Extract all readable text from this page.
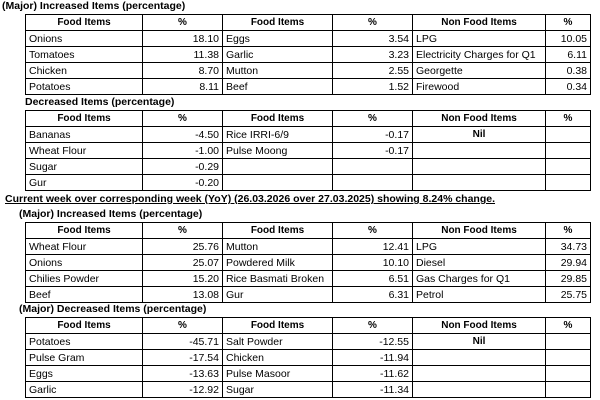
(Major) Increased Items (percentage)
Food Items	%	Food Items	%	Non Food Items	%
Onions	18.10	Eggs	3.54	LPG	10.05
Tomatoes	11.38	Garlic	3.23	Electricity Charges for Q1	6.11
Chicken	8.70	Mutton	2.55	Georgette	0.38
Potatoes	8.11	Beef	1.52	Firewood	0.34
Decreased Items (percentage)
Food Items	%	Food Items	%	Non Food Items	%
Bananas	-4.50	Rice IRRI-6/9	-0.17	Nil	
Wheat Flour	-1.00	Pulse Moong	-0.17		
Sugar	-0.29				
Gur	-0.20				
Current week over corresponding week (YoY) (26.03.2026 over 27.03.2025) showing 8.24% change.
(Major) Increased Items (percentage)
Food Items	%	Food Items	%	Non Food Items	%
Wheat Flour	25.76	Mutton	12.41	LPG	34.73
Onions	25.07	Powdered Milk	10.10	Diesel	29.94
Chilies Powder	15.20	Rice Basmati Broken	6.51	Gas Charges for Q1	29.85
Beef	13.08	Gur	6.31	Petrol	25.75
(Major) Decreased Items (percentage)
Food Items	%	Food Items	%	Non Food Items	%
Potatoes	-45.71	Salt Powder	-12.55	Nil	
Pulse Gram	-17.54	Chicken	-11.94		
Eggs	-13.63	Pulse Masoor	-11.62		
Garlic	-12.92	Sugar	-11.34		
